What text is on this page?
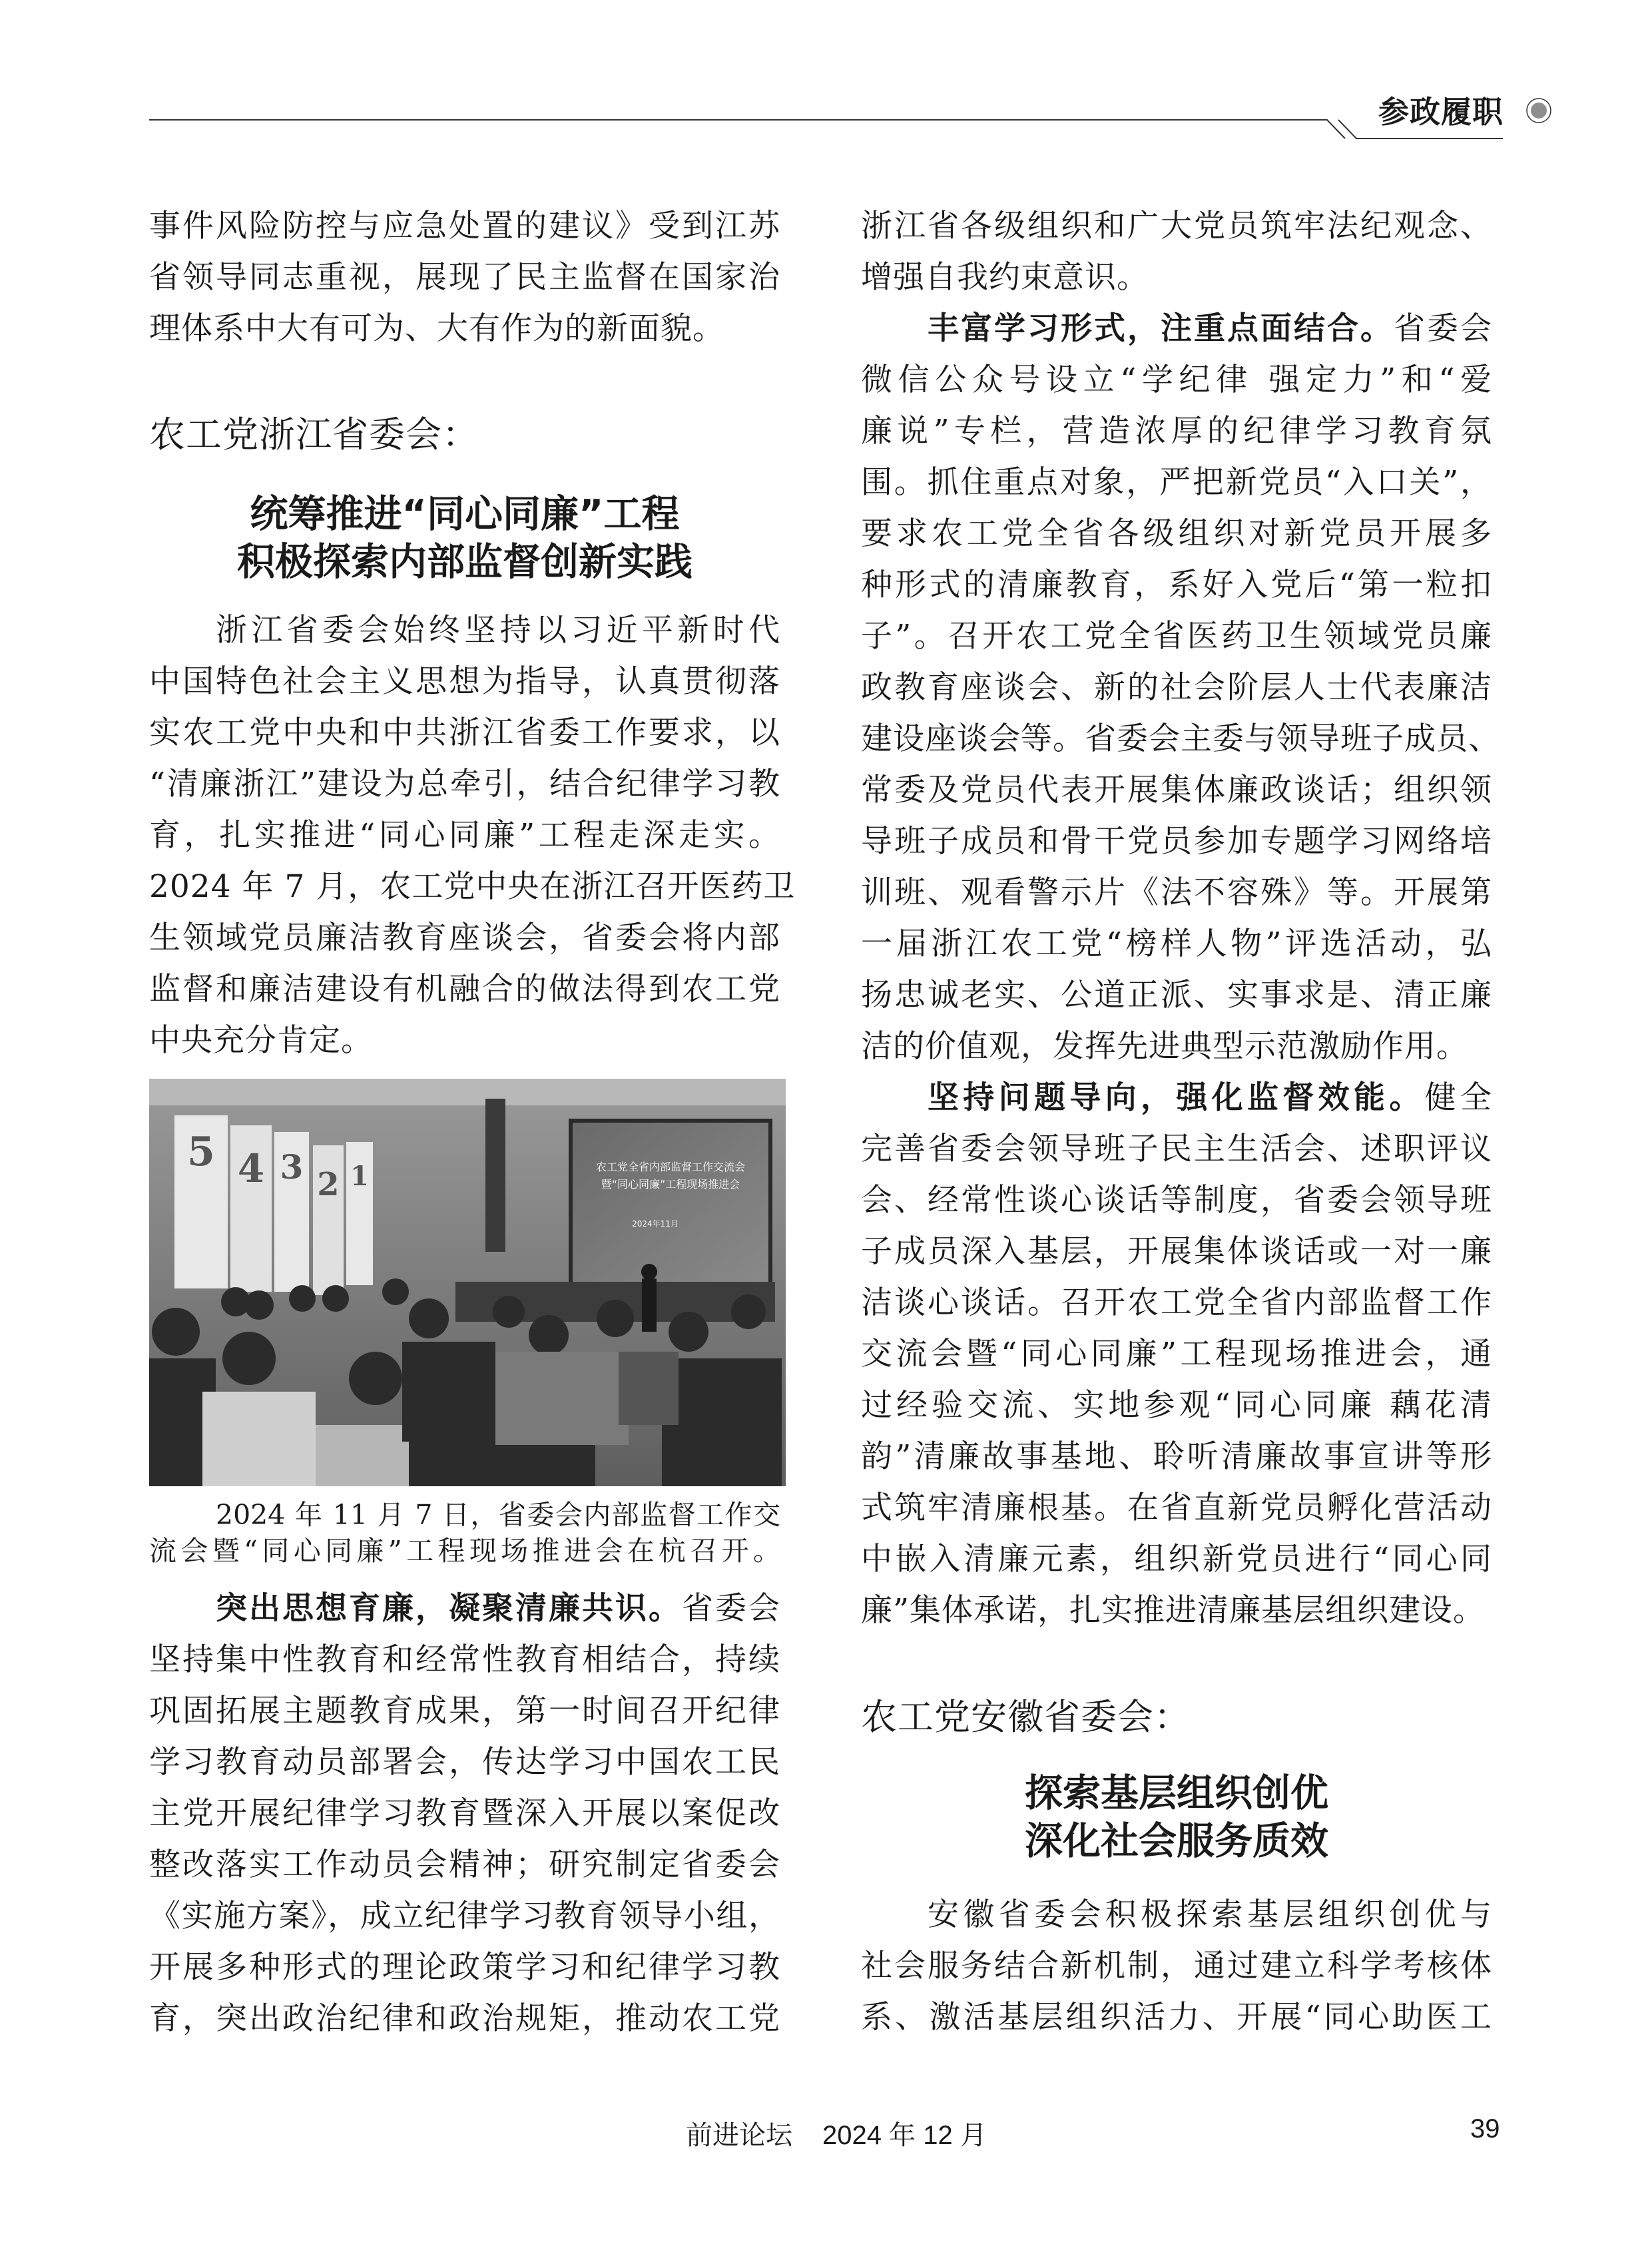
参政履职
农工党浙江省委会：
统筹推进“同心同廉”工程
积极探索内部监督创新实践
农工党全省内部监督工作交流会
暨“同心同廉”工程现场推进会
2024年11月
5 4 3 2 1
2024 年 11 月 7 日，省委会内部监督工作交
流会暨“同心同廉”工程现场推进会在杭召开。
农工党安徽省委会：
探索基层组织创优
深化社会服务质效
前进论坛 2024 年 12 月	39
事件风险防控与应急处置的建议》受到江苏
省领导同志重视，展现了民主监督在国家治
理体系中大有可为、大有作为的新面貌。
浙江省委会始终坚持以习近平新时代
中国特色社会主义思想为指导，认真贯彻落
实农工党中央和中共浙江省委工作要求，以
“清廉浙江”建设为总牵引，结合纪律学习教
育，扎实推进“同心同廉”工程走深走实。
2024 年 7 月，农工党中央在浙江召开医药卫
生领域党员廉洁教育座谈会，省委会将内部
监督和廉洁建设有机融合的做法得到农工党
中央充分肯定。
突出思想育廉，凝聚清廉共识。省委会
坚持集中性教育和经常性教育相结合，持续
巩固拓展主题教育成果，第一时间召开纪律
学习教育动员部署会，传达学习中国农工民
主党开展纪律学习教育暨深入开展以案促改
整改落实工作动员会精神；研究制定省委会
《实施方案》，成立纪律学习教育领导小组，
开展多种形式的理论政策学习和纪律学习教
育，突出政治纪律和政治规矩，推动农工党
浙江省各级组织和广大党员筑牢法纪观念、
增强自我约束意识。
丰富学习形式，注重点面结合。省委会
微信公众号设立“学纪律 强定力”和“爱
廉说”专栏，营造浓厚的纪律学习教育氛
围。抓住重点对象，严把新党员“入口关”，
要求农工党全省各级组织对新党员开展多
种形式的清廉教育，系好入党后“第一粒扣
子”。召开农工党全省医药卫生领域党员廉
政教育座谈会、新的社会阶层人士代表廉洁
建设座谈会等。省委会主委与领导班子成员、
常委及党员代表开展集体廉政谈话；组织领
导班子成员和骨干党员参加专题学习网络培
训班、观看警示片《法不容殊》等。开展第
一届浙江农工党“榜样人物”评选活动，弘
扬忠诚老实、公道正派、实事求是、清正廉
洁的价值观，发挥先进典型示范激励作用。
坚持问题导向，强化监督效能。健全
完善省委会领导班子民主生活会、述职评议
会、经常性谈心谈话等制度，省委会领导班
子成员深入基层，开展集体谈话或一对一廉
洁谈心谈话。召开农工党全省内部监督工作
交流会暨“同心同廉”工程现场推进会，通
过经验交流、实地参观“同心同廉 藕花清
韵”清廉故事基地、聆听清廉故事宣讲等形
式筑牢清廉根基。在省直新党员孵化营活动
中嵌入清廉元素，组织新党员进行“同心同
廉”集体承诺，扎实推进清廉基层组织建设。
安徽省委会积极探索基层组织创优与
社会服务结合新机制，通过建立科学考核体
系、激活基层组织活力、开展“同心助医工
